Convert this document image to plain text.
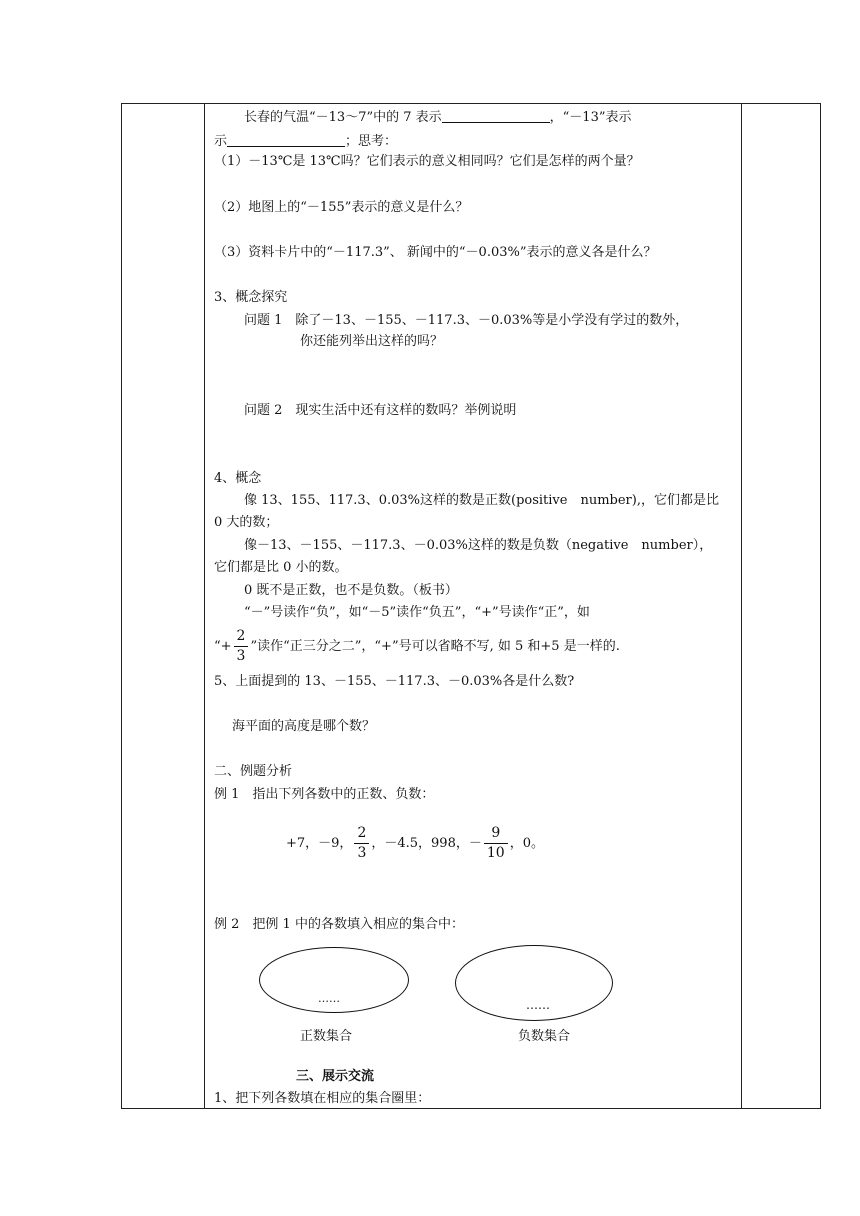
长春的气温“－13～7”中的 7 表示	，“－13”表示
示	；思考：
（1）－13℃是 13℃吗？它们表示的意义相同吗？它们是怎样的两个量？
（2）地图上的“－155”表示的意义是什么？
（3）资料卡片中的“－117.3”、 新闻中的“－0.03%”表示的意义各是什么？
3、概念探究
问题 1　除了－13、－155、－117.3、－0.03%等是小学没有学过的数外，
你还能列举出这样的吗？
问题 2　现实生活中还有这样的数吗？举例说明
4、概念
像 13、155、117.3、0.03%这样的数是正数(positive　number),，它们都是比
0 大的数；
像－13、－155、－117.3、－0.03%这样的数是负数（negative　number），
它们都是比 0 小的数。
0 既不是正数，也不是负数。（板书）
“－”号读作“负”，如“－5”读作“负五”，“+”号读作“正”，如
“+ $\frac{2}{3}$ ”读作“正三分之二”，“+”号可以省略不写, 如 5 和+5 是一样的.
5、上面提到的 13、－155、－117.3、－0.03%各是什么数?
海平面的高度是哪个数？
二、例题分析
例 1　指出下列各数中的正数、负数：
+7，－9， $\frac{2}{3}$ ，－4.5，998，－ $\frac{9}{10}$ ，0。
例 2　把例 1 中的各数填入相应的集合中：
……	……
正数集合	负数集合
三、展示交流
1、把下列各数填在相应的集合圈里：
